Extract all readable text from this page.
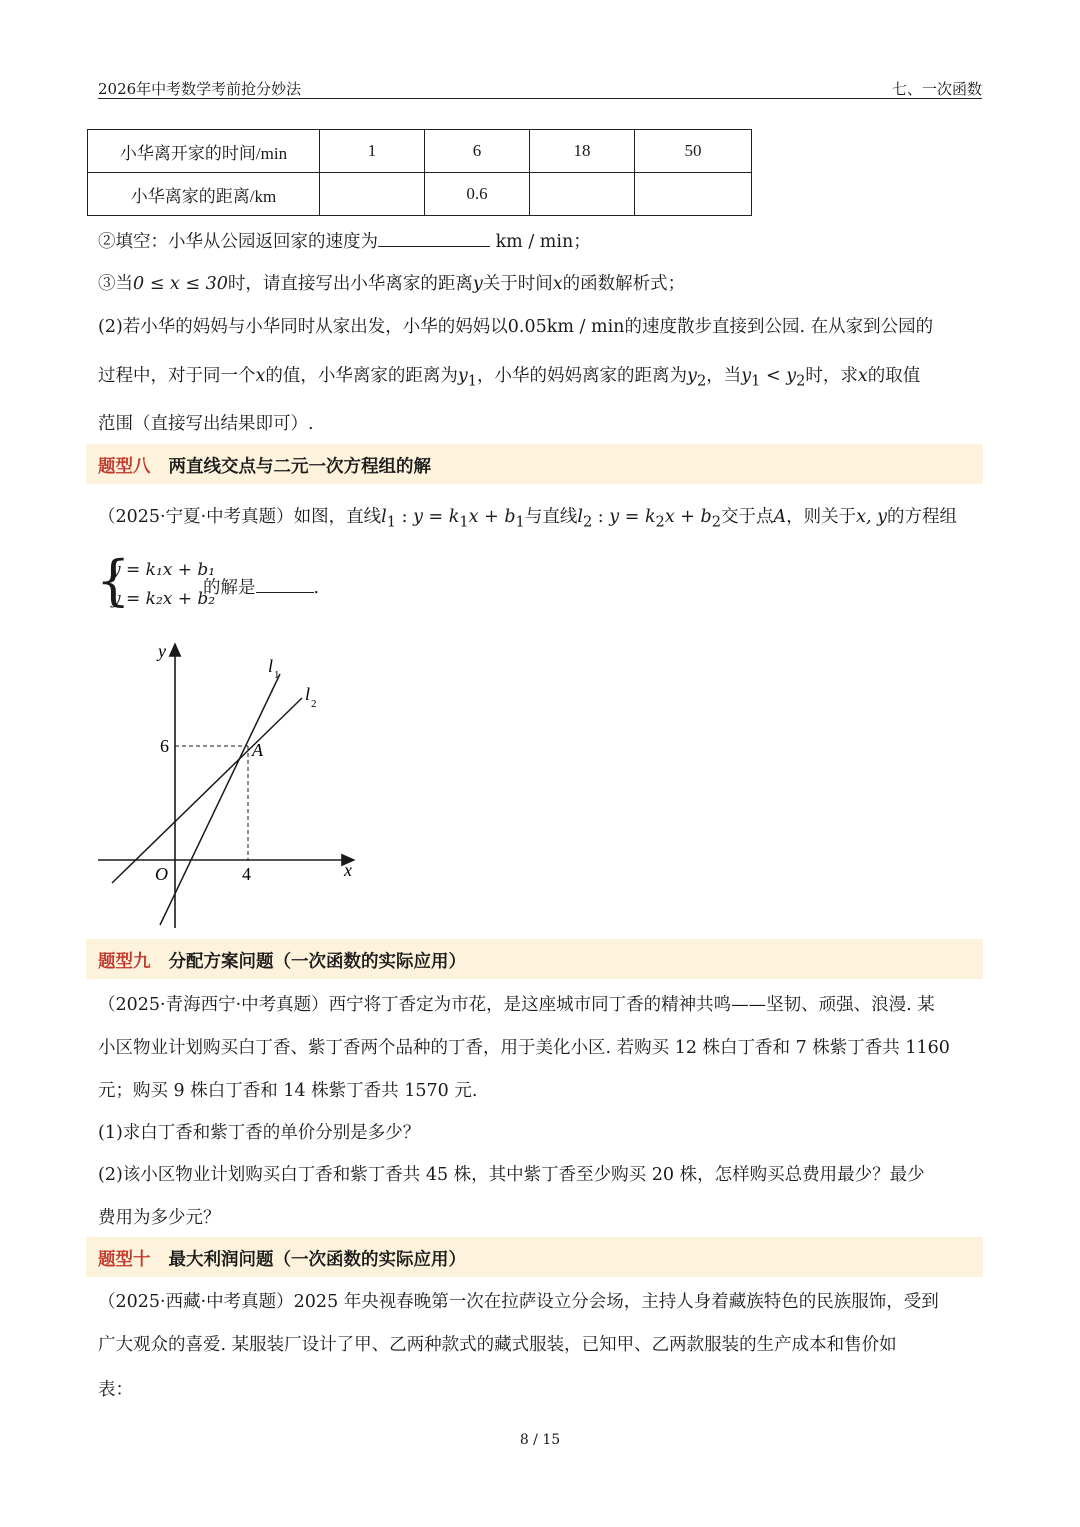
2026年中考数学考前抢分妙法	七、一次函数
小华离开家的时间/min	1	6	18	50
小华离家的距离/km		0.6		
②填空：小华从公园返回家的速度为	km / min；
③当0 ≤ x ≤ 30时，请直接写出小华离家的距离y关于时间x的函数解析式；
(2)若小华的妈妈与小华同时从家出发，小华的妈妈以0.05km / min的速度散步直接到公园. 在从家到公园的
过程中，对于同一个x的值，小华离家的距离为$y_1$，小华的妈妈离家的距离为$y_2$，当$y_1 < y_2$时，求x的取值
范围（直接写出结果即可）.
题型八 两直线交点与二元一次方程组的解
（2025·宁夏·中考真题）如图，直线$l_1$ : $y = k_1x + b_1$与直线$l_2$ : $y = k_2x + b_2$交于点A，则关于x, y的方程组
{
y = k₁x + b₁
y = k₂x + b₂
的解是	.
y
x
O
6
4
A
l 1
l 2
题型九 分配方案问题（一次函数的实际应用）
（2025·青海西宁·中考真题）西宁将丁香定为市花，是这座城市同丁香的精神共鸣——坚韧、顽强、浪漫. 某
小区物业计划购买白丁香、紫丁香两个品种的丁香，用于美化小区. 若购买 12 株白丁香和 7 株紫丁香共 1160
元；购买 9 株白丁香和 14 株紫丁香共 1570 元.
(1)求白丁香和紫丁香的单价分别是多少？
(2)该小区物业计划购买白丁香和紫丁香共 45 株，其中紫丁香至少购买 20 株，怎样购买总费用最少？最少
费用为多少元？
题型十 最大利润问题（一次函数的实际应用）
（2025·西藏·中考真题）2025 年央视春晚第一次在拉萨设立分会场，主持人身着藏族特色的民族服饰，受到
广大观众的喜爱. 某服装厂设计了甲、乙两种款式的藏式服装，已知甲、乙两款服装的生产成本和售价如
表：
8 / 15
